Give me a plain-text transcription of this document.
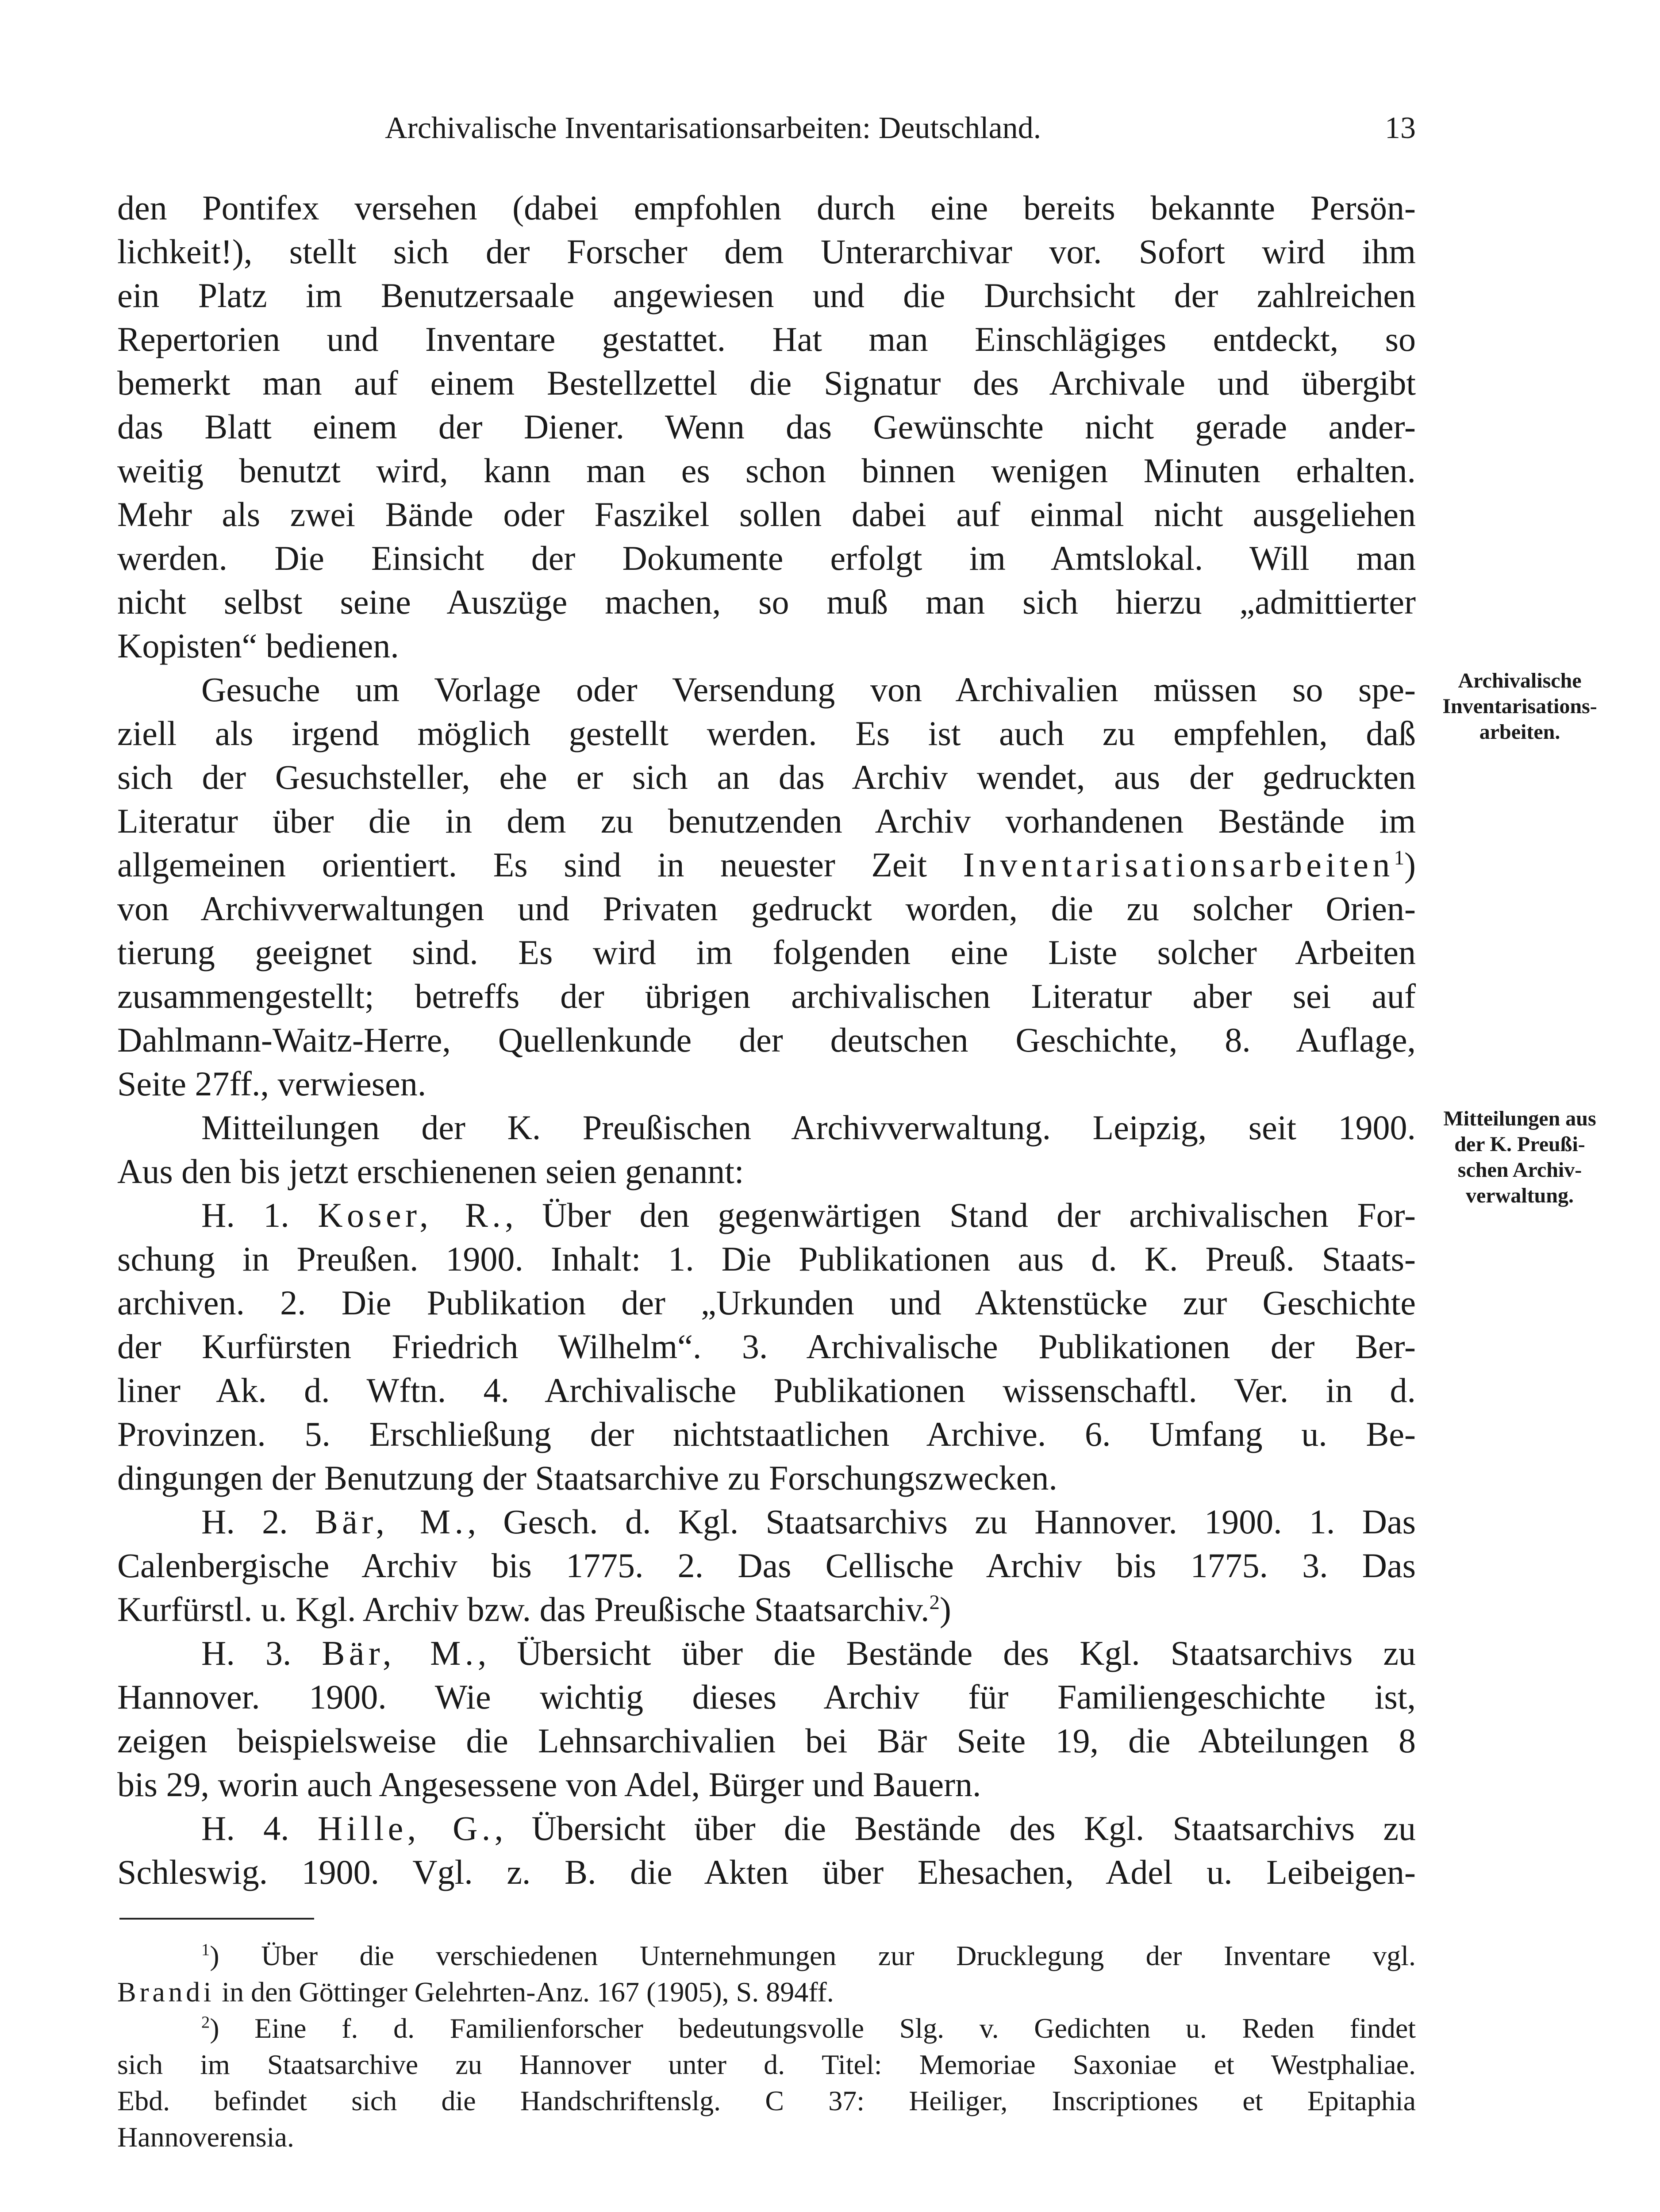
Archivalische Inventarisationsarbeiten: Deutschland.	13
den Pontifex versehen (dabei empfohlen durch eine bereits bekannte Persön-
lichkeit!), stellt sich der Forscher dem Unterarchivar vor. Sofort wird ihm
ein Platz im Benutzersaale angewiesen und die Durchsicht der zahlreichen
Repertorien und Inventare gestattet. Hat man Einschlägiges entdeckt, so
bemerkt man auf einem Bestellzettel die Signatur des Archivale und übergibt
das Blatt einem der Diener. Wenn das Gewünschte nicht gerade ander-
weitig benutzt wird, kann man es schon binnen wenigen Minuten erhalten.
Mehr als zwei Bände oder Faszikel sollen dabei auf einmal nicht ausgeliehen
werden. Die Einsicht der Dokumente erfolgt im Amtslokal. Will man
nicht selbst seine Auszüge machen, so muß man sich hierzu „admittierter
Kopisten“ bedienen.
Gesuche um Vorlage oder Versendung von Archivalien müssen so spe-
ziell als irgend möglich gestellt werden. Es ist auch zu empfehlen, daß
sich der Gesuchsteller, ehe er sich an das Archiv wendet, aus der gedruckten
Literatur über die in dem zu benutzenden Archiv vorhandenen Bestände im
allgemeinen orientiert. Es sind in neuester Zeit Inventarisationsarbeiten$^1$)
von Archivverwaltungen und Privaten gedruckt worden, die zu solcher Orien-
tierung geeignet sind. Es wird im folgenden eine Liste solcher Arbeiten
zusammengestellt; betreffs der übrigen archivalischen Literatur aber sei auf
Dahlmann-Waitz-Herre, Quellenkunde der deutschen Geschichte, 8. Auflage,
Seite 27ff., verwiesen.
Mitteilungen der K. Preußischen Archivverwaltung. Leipzig, seit 1900.
Aus den bis jetzt erschienenen seien genannt:
H. 1. Koser, R., Über den gegenwärtigen Stand der archivalischen For-
schung in Preußen. 1900. Inhalt: 1. Die Publikationen aus d. K. Preuß. Staats-
archiven. 2. Die Publikation der „Urkunden und Aktenstücke zur Geschichte
der Kurfürsten Friedrich Wilhelm“. 3. Archivalische Publikationen der Ber-
liner Ak. d. Wftn. 4. Archivalische Publikationen wissenschaftl. Ver. in d.
Provinzen. 5. Erschließung der nichtstaatlichen Archive. 6. Umfang u. Be-
dingungen der Benutzung der Staatsarchive zu Forschungszwecken.
H. 2. Bär, M., Gesch. d. Kgl. Staatsarchivs zu Hannover. 1900. 1. Das
Calenbergische Archiv bis 1775. 2. Das Cellische Archiv bis 1775. 3. Das
Kurfürstl. u. Kgl. Archiv bzw. das Preußische Staatsarchiv.$^2$)
H. 3. Bär, M., Übersicht über die Bestände des Kgl. Staatsarchivs zu
Hannover. 1900. Wie wichtig dieses Archiv für Familiengeschichte ist,
zeigen beispielsweise die Lehnsarchivalien bei Bär Seite 19, die Abteilungen 8
bis 29, worin auch Angesessene von Adel, Bürger und Bauern.
H. 4. Hille, G., Übersicht über die Bestände des Kgl. Staatsarchivs zu
Schleswig. 1900. Vgl. z. B. die Akten über Ehesachen, Adel u. Leibeigen-
Archivalische
Inventarisations-
arbeiten.
Mitteilungen aus
der K. Preußi-
schen Archiv-
verwaltung.
$^1$) Über die verschiedenen Unternehmungen zur Drucklegung der Inventare vgl.
Brandi in den Göttinger Gelehrten-Anz. 167 (1905), S. 894ff.
$^2$) Eine f. d. Familienforscher bedeutungsvolle Slg. v. Gedichten u. Reden findet
sich im Staatsarchive zu Hannover unter d. Titel: Memoriae Saxoniae et Westphaliae.
Ebd. befindet sich die Handschriftenslg. C 37: Heiliger, Inscriptiones et Epitaphia
Hannoverensia.
